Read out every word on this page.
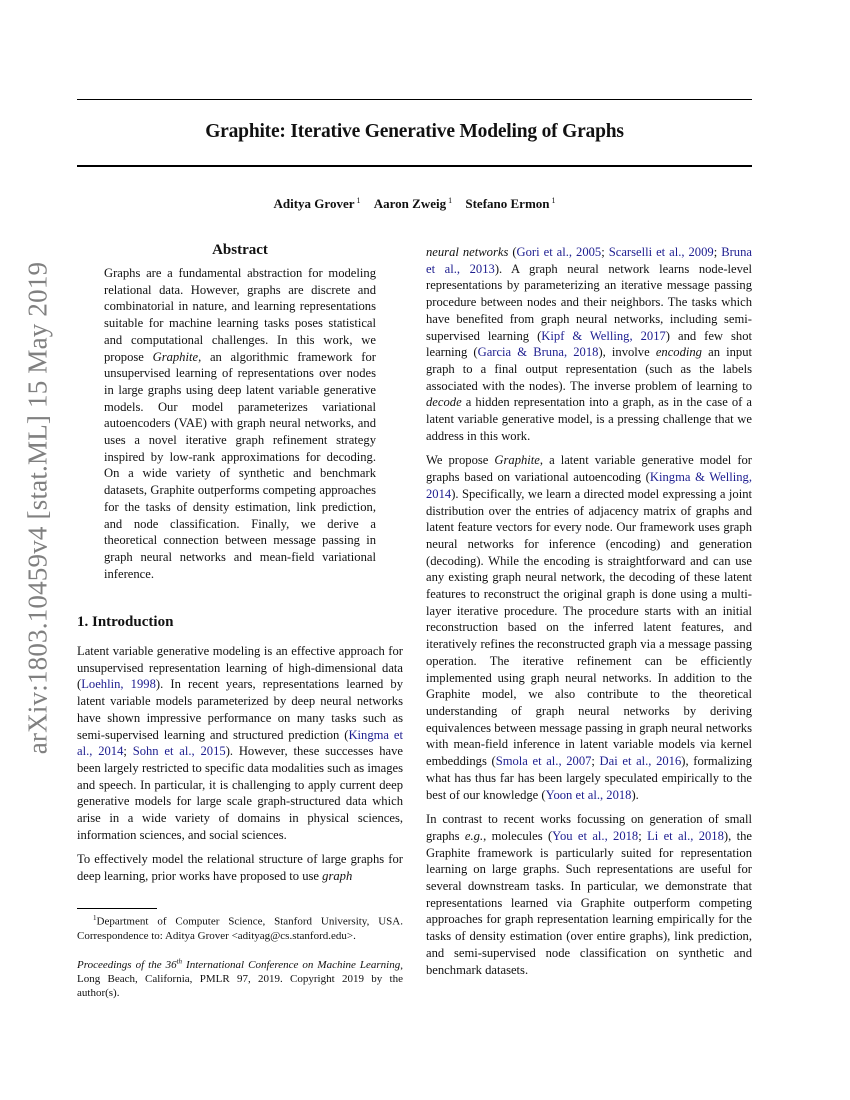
Graphite: Iterative Generative Modeling of Graphs
Aditya Grover $^1$ Aaron Zweig $^1$ Stefano Ermon $^1$
arXiv:1803.10459v4 [stat.ML] 15 May 2019
Abstract
Graphs are a fundamental abstraction for modeling relational data. However, graphs are discrete and combinatorial in nature, and learning representations suitable for machine learning tasks poses statistical and computational challenges. In this work, we propose Graphite, an algorithmic framework for unsupervised learning of representations over nodes in large graphs using deep latent variable generative models. Our model parameterizes variational autoencoders (VAE) with graph neural networks, and uses a novel iterative graph refinement strategy inspired by low-rank approximations for decoding. On a wide variety of synthetic and benchmark datasets, Graphite outperforms competing approaches for the tasks of density estimation, link prediction, and node classification. Finally, we derive a theoretical connection between message passing in graph neural networks and mean-field variational inference.
1. Introduction

Latent variable generative modeling is an effective approach for unsupervised representation learning of high-dimensional data (Loehlin, 1998). In recent years, representations learned by latent variable models parameterized by deep neural networks have shown impressive performance on many tasks such as semi-supervised learning and structured prediction (Kingma et al., 2014; Sohn et al., 2015). However, these successes have been largely restricted to specific data modalities such as images and speech. In particular, it is challenging to apply current deep generative models for large scale graph-structured data which arise in a wide variety of domains in physical sciences, information sciences, and social sciences.

To effectively model the relational structure of large graphs for deep learning, prior works have proposed to use graph

$^1$Department of Computer Science, Stanford University, USA. Correspondence to: Aditya Grover <adityag@cs.stanford.edu>.

Proceedings of the 36th International Conference on Machine Learning, Long Beach, California, PMLR 97, 2019. Copyright 2019 by the author(s).

neural networks (Gori et al., 2005; Scarselli et al., 2009; Bruna et al., 2013). A graph neural network learns node-level representations by parameterizing an iterative message passing procedure between nodes and their neighbors. The tasks which have benefited from graph neural networks, including semi-supervised learning (Kipf & Welling, 2017) and few shot learning (Garcia & Bruna, 2018), involve encoding an input graph to a final output representation (such as the labels associated with the nodes). The inverse problem of learning to decode a hidden representation into a graph, as in the case of a latent variable generative model, is a pressing challenge that we address in this work.

We propose Graphite, a latent variable generative model for graphs based on variational autoencoding (Kingma & Welling, 2014). Specifically, we learn a directed model expressing a joint distribution over the entries of adjacency matrix of graphs and latent feature vectors for every node. Our framework uses graph neural networks for inference (encoding) and generation (decoding). While the encoding is straightforward and can use any existing graph neural network, the decoding of these latent features to reconstruct the original graph is done using a multi-layer iterative procedure. The procedure starts with an initial reconstruction based on the inferred latent features, and iteratively refines the reconstructed graph via a message passing operation. The iterative refinement can be efficiently implemented using graph neural networks. In addition to the Graphite model, we also contribute to the theoretical understanding of graph neural networks by deriving equivalences between message passing in graph neural networks with mean-field inference in latent variable models via kernel embeddings (Smola et al., 2007; Dai et al., 2016), formalizing what has thus far has been largely speculated empirically to the best of our knowledge (Yoon et al., 2018).

In contrast to recent works focussing on generation of small graphs e.g., molecules (You et al., 2018; Li et al., 2018), the Graphite framework is particularly suited for representation learning on large graphs. Such representations are useful for several downstream tasks. In particular, we demonstrate that representations learned via Graphite outperform competing approaches for graph representation learning empirically for the tasks of density estimation (over entire graphs), link prediction, and semi-supervised node classification on synthetic and benchmark datasets.
